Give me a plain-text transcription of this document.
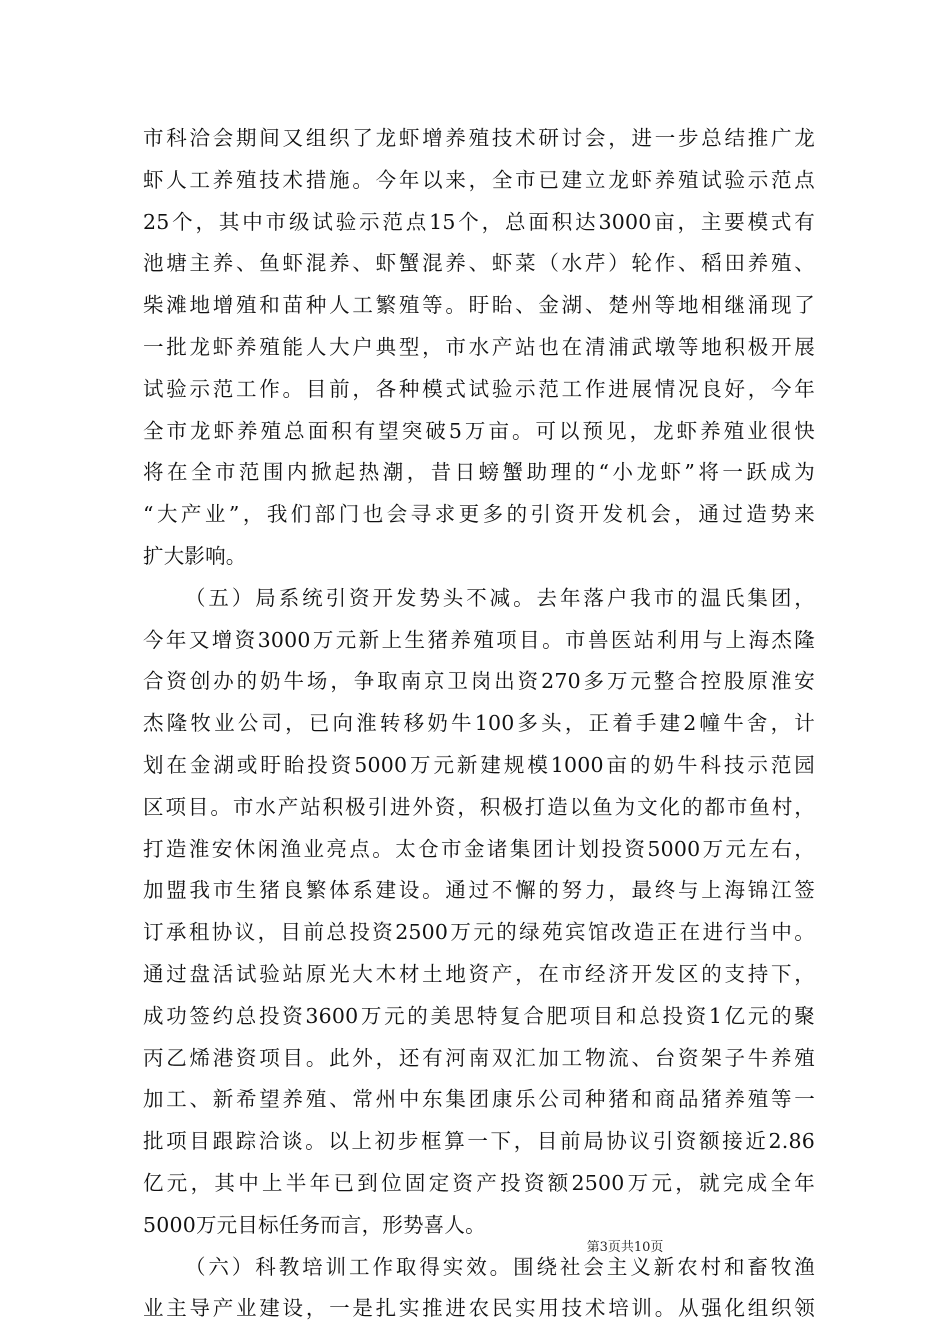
市科洽会期间又组织了龙虾增养殖技术研讨会，进一步总结推广龙
虾人工养殖技术措施。今年以来，全市已建立龙虾养殖试验示范点
25个，其中市级试验示范点15个，总面积达3000亩，主要模式有
池塘主养、鱼虾混养、虾蟹混养、虾菜（水芹）轮作、稻田养殖、
柴滩地增殖和苗种人工繁殖等。盱眙、金湖、楚州等地相继涌现了
一批龙虾养殖能人大户典型，市水产站也在清浦武墩等地积极开展
试验示范工作。目前，各种模式试验示范工作进展情况良好，今年
全市龙虾养殖总面积有望突破5万亩。可以预见，龙虾养殖业很快
将在全市范围内掀起热潮，昔日螃蟹助理的“小龙虾”将一跃成为
“大产业”，我们部门也会寻求更多的引资开发机会，通过造势来
扩大影响。
（五）局系统引资开发势头不减。去年落户我市的温氏集团，
今年又增资3000万元新上生猪养殖项目。市兽医站利用与上海杰隆
合资创办的奶牛场，争取南京卫岗出资270多万元整合控股原淮安
杰隆牧业公司，已向淮转移奶牛100多头，正着手建2幢牛舍，计
划在金湖或盱眙投资5000万元新建规模1000亩的奶牛科技示范园
区项目。市水产站积极引进外资，积极打造以鱼为文化的都市鱼村，
打造淮安休闲渔业亮点。太仓市金诸集团计划投资5000万元左右，
加盟我市生猪良繁体系建设。通过不懈的努力，最终与上海锦江签
订承租协议，目前总投资2500万元的绿苑宾馆改造正在进行当中。
通过盘活试验站原光大木材土地资产，在市经济开发区的支持下，
成功签约总投资3600万元的美思特复合肥项目和总投资1亿元的聚
丙乙烯港资项目。此外，还有河南双汇加工物流、台资架子牛养殖
加工、新希望养殖、常州中东集团康乐公司种猪和商品猪养殖等一
批项目跟踪洽谈。以上初步框算一下，目前局协议引资额接近2.86
亿元，其中上半年已到位固定资产投资额2500万元，就完成全年
5000万元目标任务而言，形势喜人。
（六）科教培训工作取得实效。围绕社会主义新农村和畜牧渔
业主导产业建设，一是扎实推进农民实用技术培训。从强化组织领
第3页共10页
